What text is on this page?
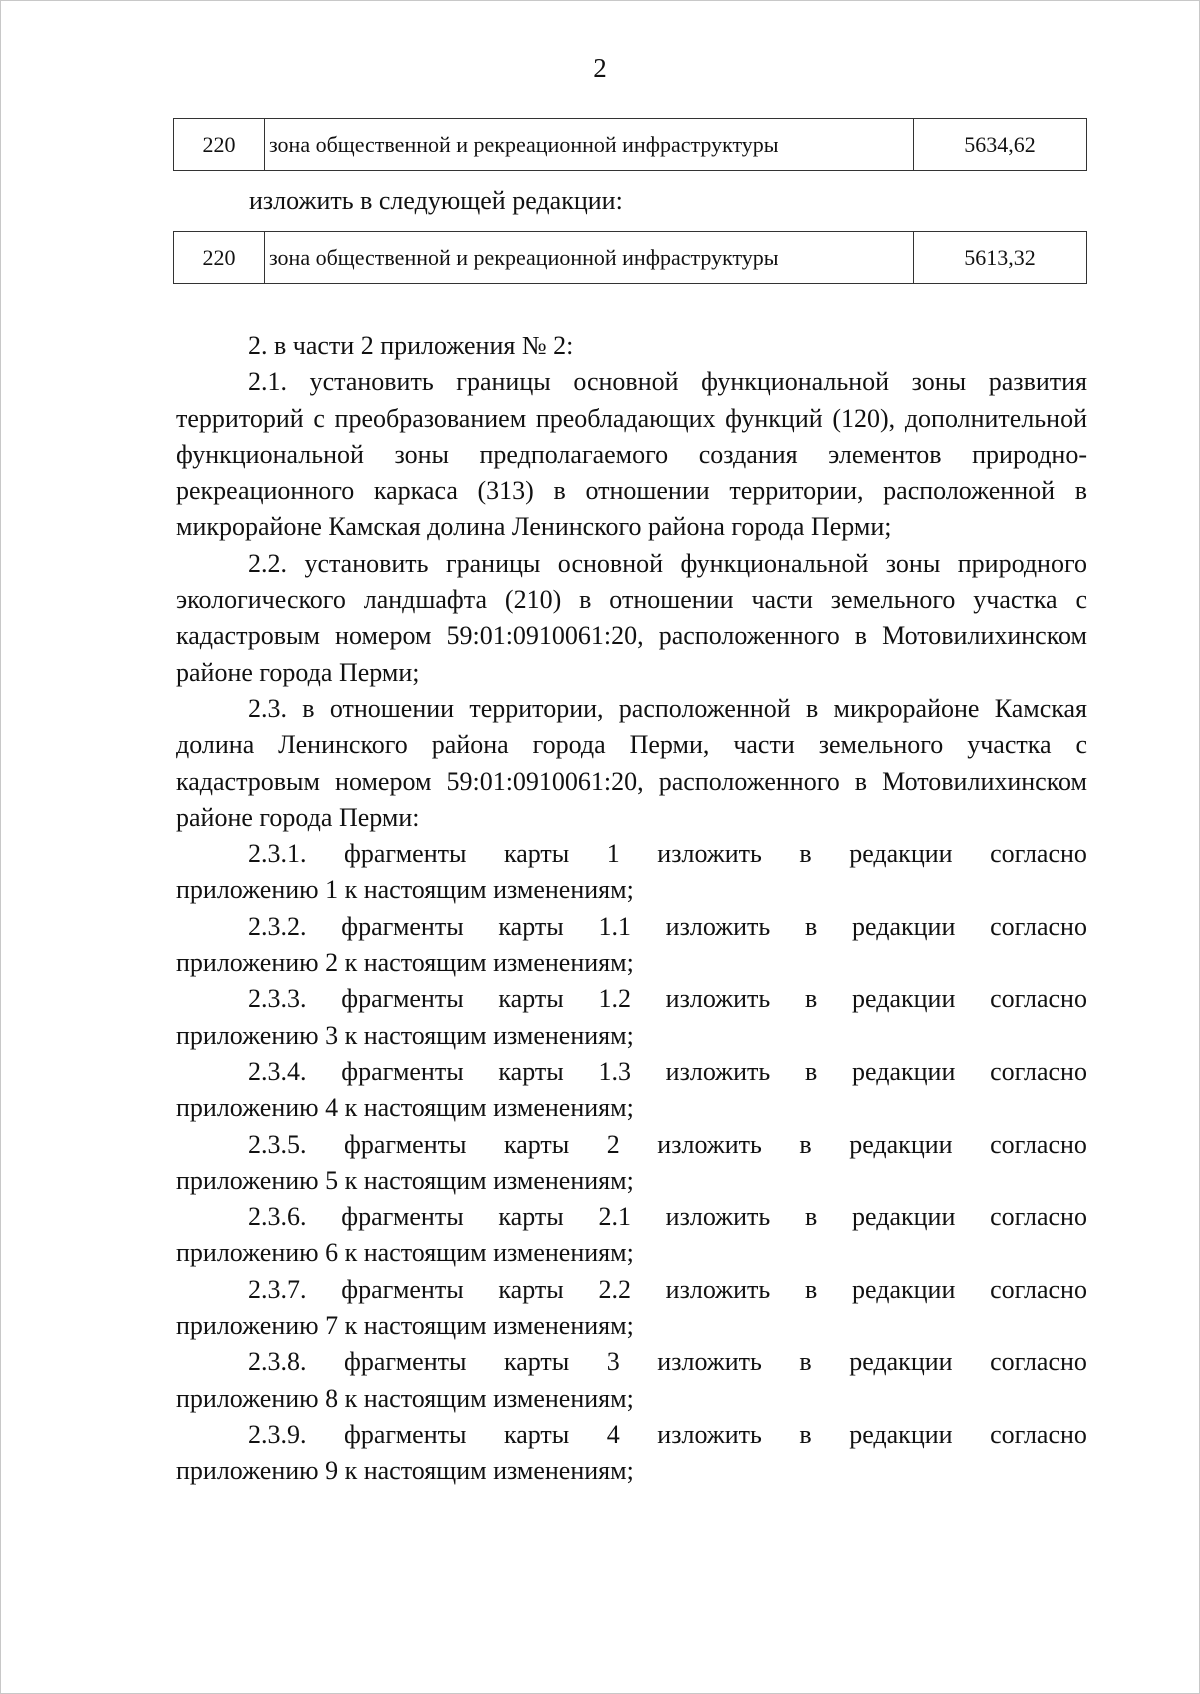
2
220	зона общественной и рекреационной инфраструктуры	5634,62
изложить в следующей редакции:
220	зона общественной и рекреационной инфраструктуры	5613,32

2. в части 2 приложения № 2:

2.1. установить границы основной функциональной зоны развития территорий с преобразованием преобладающих функций (120), дополнительной функциональной зоны предполагаемого создания элементов природно-рекреационного каркаса (313) в отношении территории, расположенной в микрорайоне Камская долина Ленинского района города Перми;

2.2. установить границы основной функциональной зоны природного экологического ландшафта (210) в отношении части земельного участка с кадастровым номером 59:01:0910061:20, расположенного в Мотовилихинском районе города Перми;

2.3. в отношении территории, расположенной в микрорайоне Камская долина Ленинского района города Перми, части земельного участка с кадастровым номером 59:01:0910061:20, расположенного в Мотовилихинском районе города Перми:

2.3.1. фрагменты карты 1 изложить в редакции согласно
приложению 1 к настоящим изменениям;
2.3.2. фрагменты карты 1.1 изложить в редакции согласно
приложению 2 к настоящим изменениям;
2.3.3. фрагменты карты 1.2 изложить в редакции согласно
приложению 3 к настоящим изменениям;
2.3.4. фрагменты карты 1.3 изложить в редакции согласно
приложению 4 к настоящим изменениям;
2.3.5. фрагменты карты 2 изложить в редакции согласно
приложению 5 к настоящим изменениям;
2.3.6. фрагменты карты 2.1 изложить в редакции согласно
приложению 6 к настоящим изменениям;
2.3.7. фрагменты карты 2.2 изложить в редакции согласно
приложению 7 к настоящим изменениям;
2.3.8. фрагменты карты 3 изложить в редакции согласно
приложению 8 к настоящим изменениям;
2.3.9. фрагменты карты 4 изложить в редакции согласно
приложению 9 к настоящим изменениям;
